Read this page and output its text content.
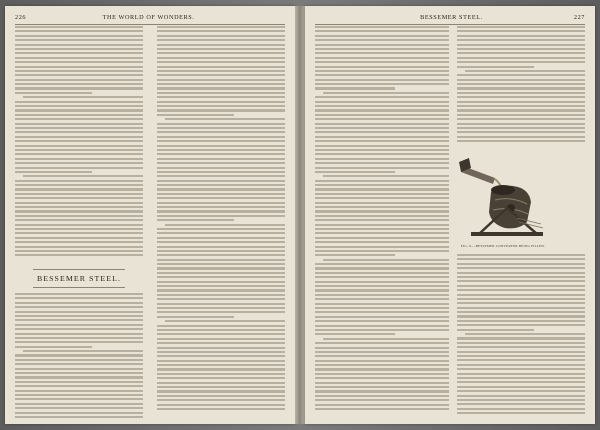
226	THE WORLD OF WONDERS.
BESSEMER STEEL.
BESSEMER STEEL.	227
FIG. 6.—BESSEMER CONVERTER BEING FILLED.
